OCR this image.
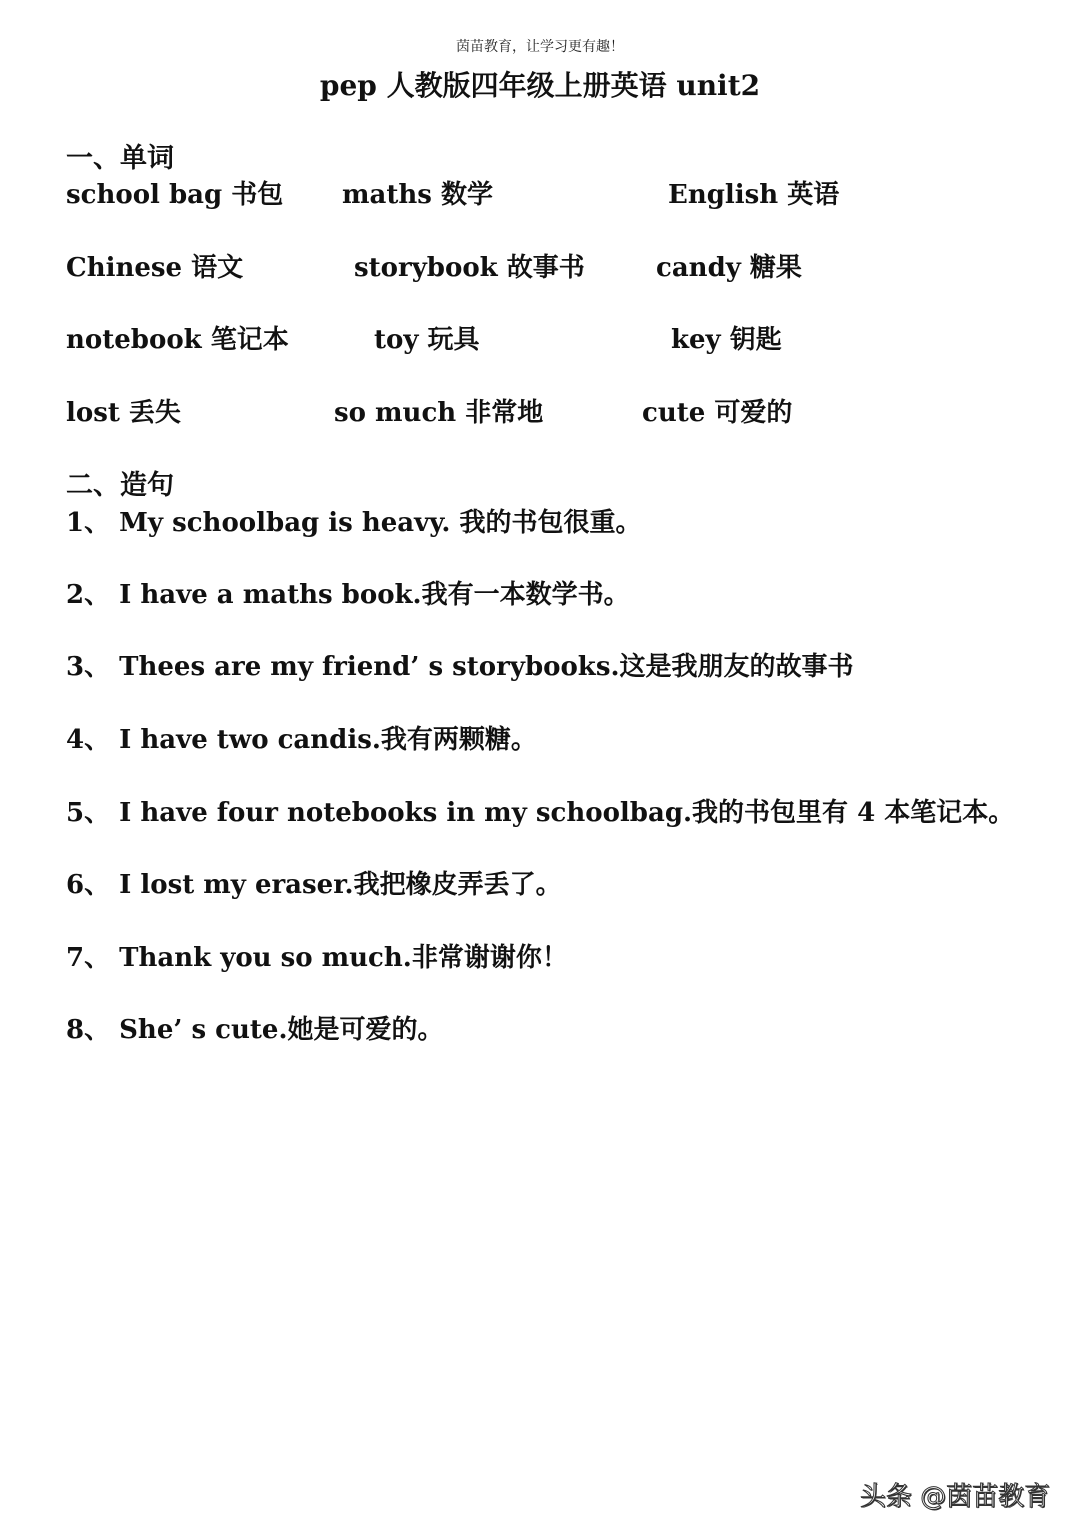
茵苗教育，让学习更有趣！
pep 人教版四年级上册英语 unit2
一、单词
school bag 书包 maths 数学	English 英语
Chinese 语文	storybook 故事书	candy 糖果
notebook 笔记本	toy 玩具	key 钥匙
lost 丢失	so much 非常地	cute 可爱的
二、造句
1、 My schoolbag is heavy. 我的书包很重。
2、 I have a maths book.我有一本数学书。
3、 Thees are my friend’ s storybooks.这是我朋友的故事书
4、 I have two candis.我有两颗糖。
5、 I have four notebooks in my schoolbag.我的书包里有 4 本笔记本。
6、 I lost my eraser.我把橡皮弄丢了。
7、 Thank you so much.非常谢谢你！
8、 She’ s cute.她是可爱的。
头条 @茵苗教育
